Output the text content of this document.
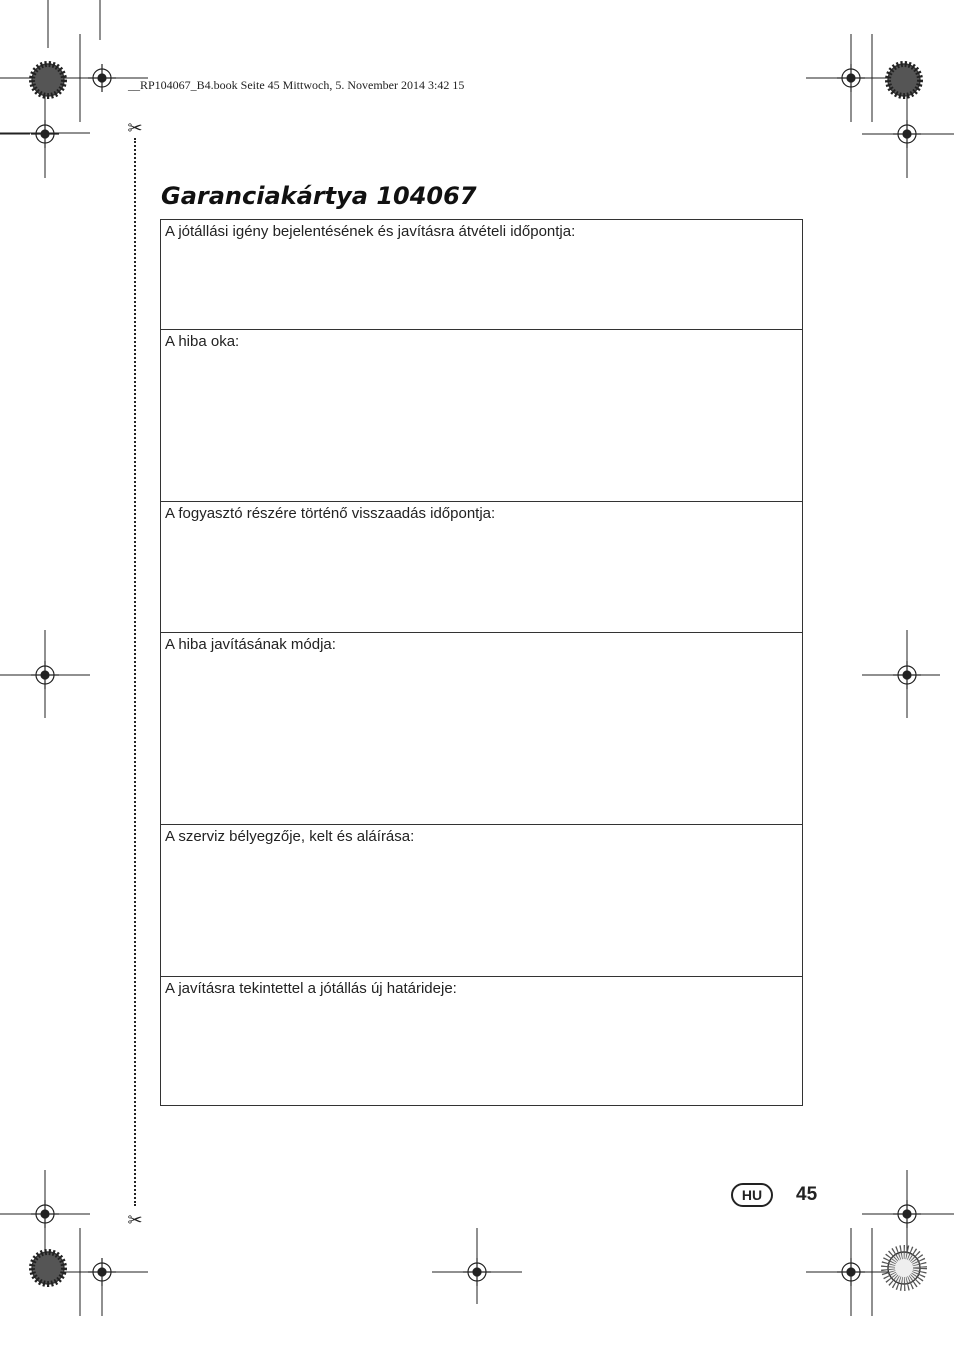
__RP104067_B4.book Seite 45 Mittwoch, 5. November 2014 3:42 15
✂
✂
Garanciakártya 104067
A jótállási igény bejelentésének és javításra átvételi időpontja:
A hiba oka:
A fogyasztó részére történő visszaadás időpontja:
A hiba javításának módja:
A szerviz bélyegzője, kelt és aláírása:
A javításra tekintettel a jótállás új határideje:
HU	45
